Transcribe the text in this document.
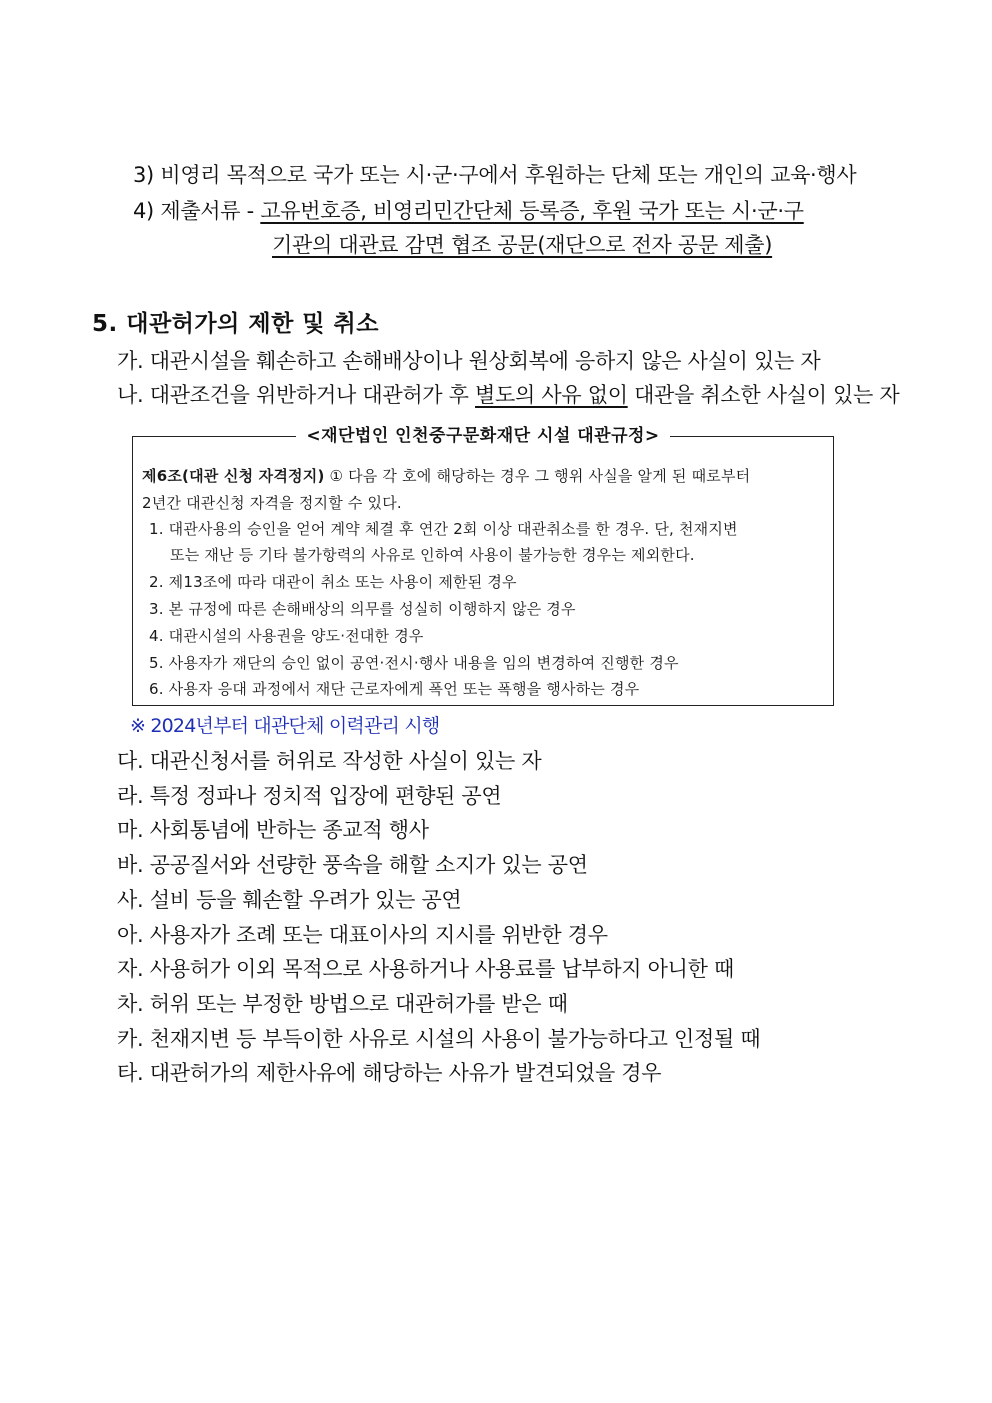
3) 비영리 목적으로 국가 또는 시·군·구에서 후원하는 단체 또는 개인의 교육·행사
4) 제출서류 - 고유번호증, 비영리민간단체 등록증, 후원 국가 또는 시·군·구
기관의 대관료 감면 협조 공문(재단으로 전자 공문 제출)
5. 대관허가의 제한 및 취소
가. 대관시설을 훼손하고 손해배상이나 원상회복에 응하지 않은 사실이 있는 자
나. 대관조건을 위반하거나 대관허가 후 별도의 사유 없이 대관을 취소한 사실이 있는 자
<재단법인 인천중구문화재단 시설 대관규정>
제6조(대관 신청 자격정지) ① 다음 각 호에 해당하는 경우 그 행위 사실을 알게 된 때로부터
2년간 대관신청 자격을 정지할 수 있다.
1. 대관사용의 승인을 얻어 계약 체결 후 연간 2회 이상 대관취소를 한 경우. 단, 천재지변
또는 재난 등 기타 불가항력의 사유로 인하여 사용이 불가능한 경우는 제외한다.
2. 제13조에 따라 대관이 취소 또는 사용이 제한된 경우
3. 본 규정에 따른 손해배상의 의무를 성실히 이행하지 않은 경우
4. 대관시설의 사용권을 양도·전대한 경우
5. 사용자가 재단의 승인 없이 공연·전시·행사 내용을 임의 변경하여 진행한 경우
6. 사용자 응대 과정에서 재단 근로자에게 폭언 또는 폭행을 행사하는 경우
※ 2024년부터 대관단체 이력관리 시행
다. 대관신청서를 허위로 작성한 사실이 있는 자
라. 특정 정파나 정치적 입장에 편향된 공연
마. 사회통념에 반하는 종교적 행사
바. 공공질서와 선량한 풍속을 해할 소지가 있는 공연
사. 설비 등을 훼손할 우려가 있는 공연
아. 사용자가 조례 또는 대표이사의 지시를 위반한 경우
자. 사용허가 이외 목적으로 사용하거나 사용료를 납부하지 아니한 때
차. 허위 또는 부정한 방법으로 대관허가를 받은 때
카. 천재지변 등 부득이한 사유로 시설의 사용이 불가능하다고 인정될 때
타. 대관허가의 제한사유에 해당하는 사유가 발견되었을 경우
